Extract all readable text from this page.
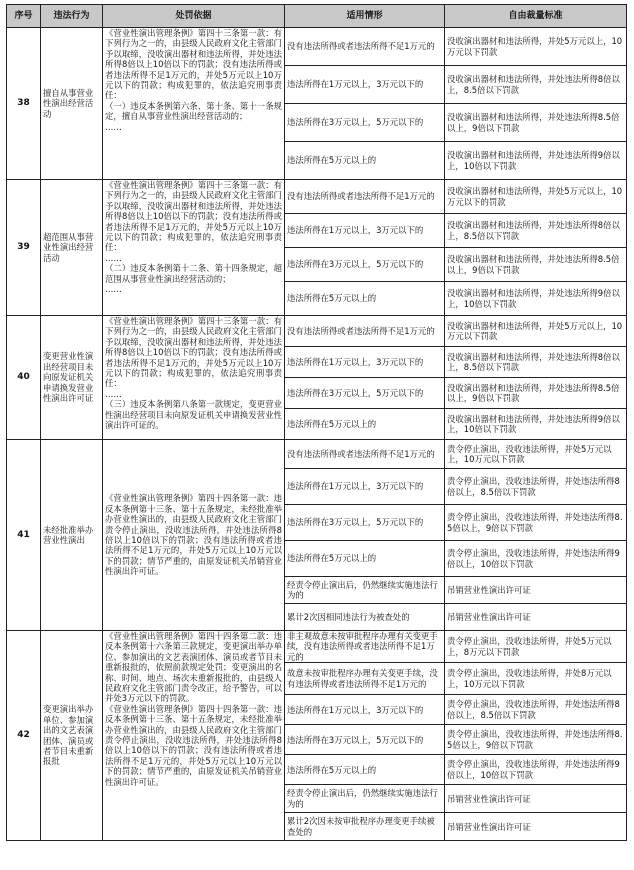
序号	违法行为	处罚依据	适用情形	自由裁量标准
38	擅自从事营业性演出经营活动	《营业性演出管理条例》第四十三条第一款：有下列行为之一的，由县级人民政府文化主管部门予以取缔，没收演出器材和违法所得，并处违法所得8倍以上10倍以下的罚款；没有违法所得或者违法所得不足1万元的，并处5万元以上10万元以下的罚款；构成犯罪的，依法追究刑事责任：
（一）违反本条例第六条、第十条、第十一条规定，擅自从事营业性演出经营活动的；
……	没有违法所得或者违法所得不足1万元的	没收演出器材和违法所得，并处5万元以上，10万元以下罚款
			违法所得在1万元以上，3万元以下的	没收演出器材和违法所得，并处违法所得8倍以上，8.5倍以下罚款
			违法所得在3万元以上，5万元以下的	没收演出器材和违法所得，并处违法所得8.5倍以上，9倍以下罚款
			违法所得在5万元以上的	没收演出器材和违法所得，并处违法所得9倍以上，10倍以下罚款
39	超范围从事营业性演出经营活动	《营业性演出管理条例》第四十三条第一款：有下列行为之一的，由县级人民政府文化主管部门予以取缔，没收演出器材和违法所得，并处违法所得8倍以上10倍以下的罚款；没有违法所得或者违法所得不足1万元的，并处5万元以上10万元以下的罚款；构成犯罪的，依法追究刑事责任：
……
（二）违反本条例第十二条、第十四条规定，超范围从事营业性演出经营活动的；
……	没有违法所得或者违法所得不足1万元的	没收演出器材和违法所得，并处5万元以上，10万元以下的罚款
			违法所得在1万元以上，3万元以下的	没收演出器材和违法所得，并处违法所得8倍以上，8.5倍以下罚款
			违法所得在3万元以上，5万元以下的	没收演出器材和违法所得，并处违法所得8.5倍以上，9倍以下罚款
			违法所得在5万元以上的	没收演出器材和违法所得，并处违法所得9倍以上，10倍以下罚款
40	变更营业性演出经营项目未向原发证机关申请换发营业性演出许可证	《营业性演出管理条例》第四十三条第一款：有下列行为之一的，由县级人民政府文化主管部门予以取缔，没收演出器材和违法所得，并处违法所得8倍以上10倍以下的罚款；没有违法所得或者违法所得不足1万元的，并处5万元以上10万元以下的罚款；构成犯罪的，依法追究刑事责任：
……
（三）违反本条例第八条第一款规定，变更营业性演出经营项目未向原发证机关申请换发营业性演出许可证的。	没有违法所得或者违法所得不足1万元的	没收演出器材和违法所得，并处5万元以上，10万元以下罚款
			违法所得在1万元以上，3万元以下的	没收演出器材和违法所得，并处违法所得8倍以上，8.5倍以下罚款
			违法所得在3万元以上，5万元以下的	没收演出器材和违法所得，并处违法所得8.5倍以上，9倍以下罚款
			违法所得在5万元以上的	没收演出器材和违法所得，并处违法所得9倍以上，10倍以下罚款
41	未经批准举办营业性演出	《营业性演出管理条例》第四十四条第一款：违反本条例第十三条、第十五条规定，未经批准举办营业性演出的，由县级人民政府文化主管部门责令停止演出，没收违法所得，并处违法所得8倍以上10倍以下的罚款；没有违法所得或者违法所得不足1万元的，并处5万元以上10万元以下的罚款；情节严重的，由原发证机关吊销营业性演出许可证。	没有违法所得或者违法所得不足1万元的	责令停止演出，没收违法所得，并处5万元以上，10万元以下罚款
			违法所得在1万元以上，3万元以下的	责令停止演出，没收违法所得，并处违法所得8倍以上，8.5倍以下罚款
			违法所得在3万元以上，5万元以下的	责令停止演出，没收违法所得，并处违法所得8.5倍以上，9倍以下罚款
			违法所得在5万元以上的	责令停止演出，没收违法所得，并处违法所得9倍以上，10倍以下罚款
			经责令停止演出后，仍然继续实施违法行为的	吊销营业性演出许可证
			累计2次因相同违法行为被查处的	吊销营业性演出许可证
42	变更演出举办单位、参加演出的文艺表演团体、演员或者节目未重新报批	《营业性演出管理条例》第四十四条第二款：违反本条例第十六条第三款规定，变更演出举办单位、参加演出的文艺表演团体、演员或者节目未重新报批的，依照前款规定处罚；变更演出的名称、时间、地点、场次未重新报批的，由县级人民政府文化主管部门责令改正，给予警告，可以并处3万元以下的罚款。
《营业性演出管理条例》第四十四条第一款：违反本条例第十三条、第十五条规定，未经批准举办营业性演出的，由县级人民政府文化主管部门责令停止演出，没收违法所得，并处违法所得8倍以上10倍以下的罚款；没有违法所得或者违法所得不足1万元的，并处5万元以上10万元以下的罚款；情节严重的，由原发证机关吊销营业性演出许可证。	非主观故意未按审批程序办理有关变更手续，没有违法所得或者违法所得不足1万元的	责令停止演出，没收违法所得，并处5万元以上，8万元以下罚款
			故意未按审批程序办理有关变更手续，没有违法所得或者违法所得不足1万元的	责令停止演出，没收违法所得，并处8万元以上，10万元以下罚款
			违法所得在1万元以上，3万元以下的	责令停止演出，没收违法所得，并处违法所得8倍以上，8.5倍以下罚款
			违法所得在3万元以上，5万元以下的	责令停止演出，没收违法所得，并处违法所得8.5倍以上，9倍以下罚款
			违法所得在5万元以上的	责令停止演出，没收违法所得，并处违法所得9倍以上，10倍以下罚款
			经责令停止演出后，仍然继续实施违法行为的	吊销营业性演出许可证
			累计2次因未按审批程序办理变更手续被查处的	吊销营业性演出许可证
